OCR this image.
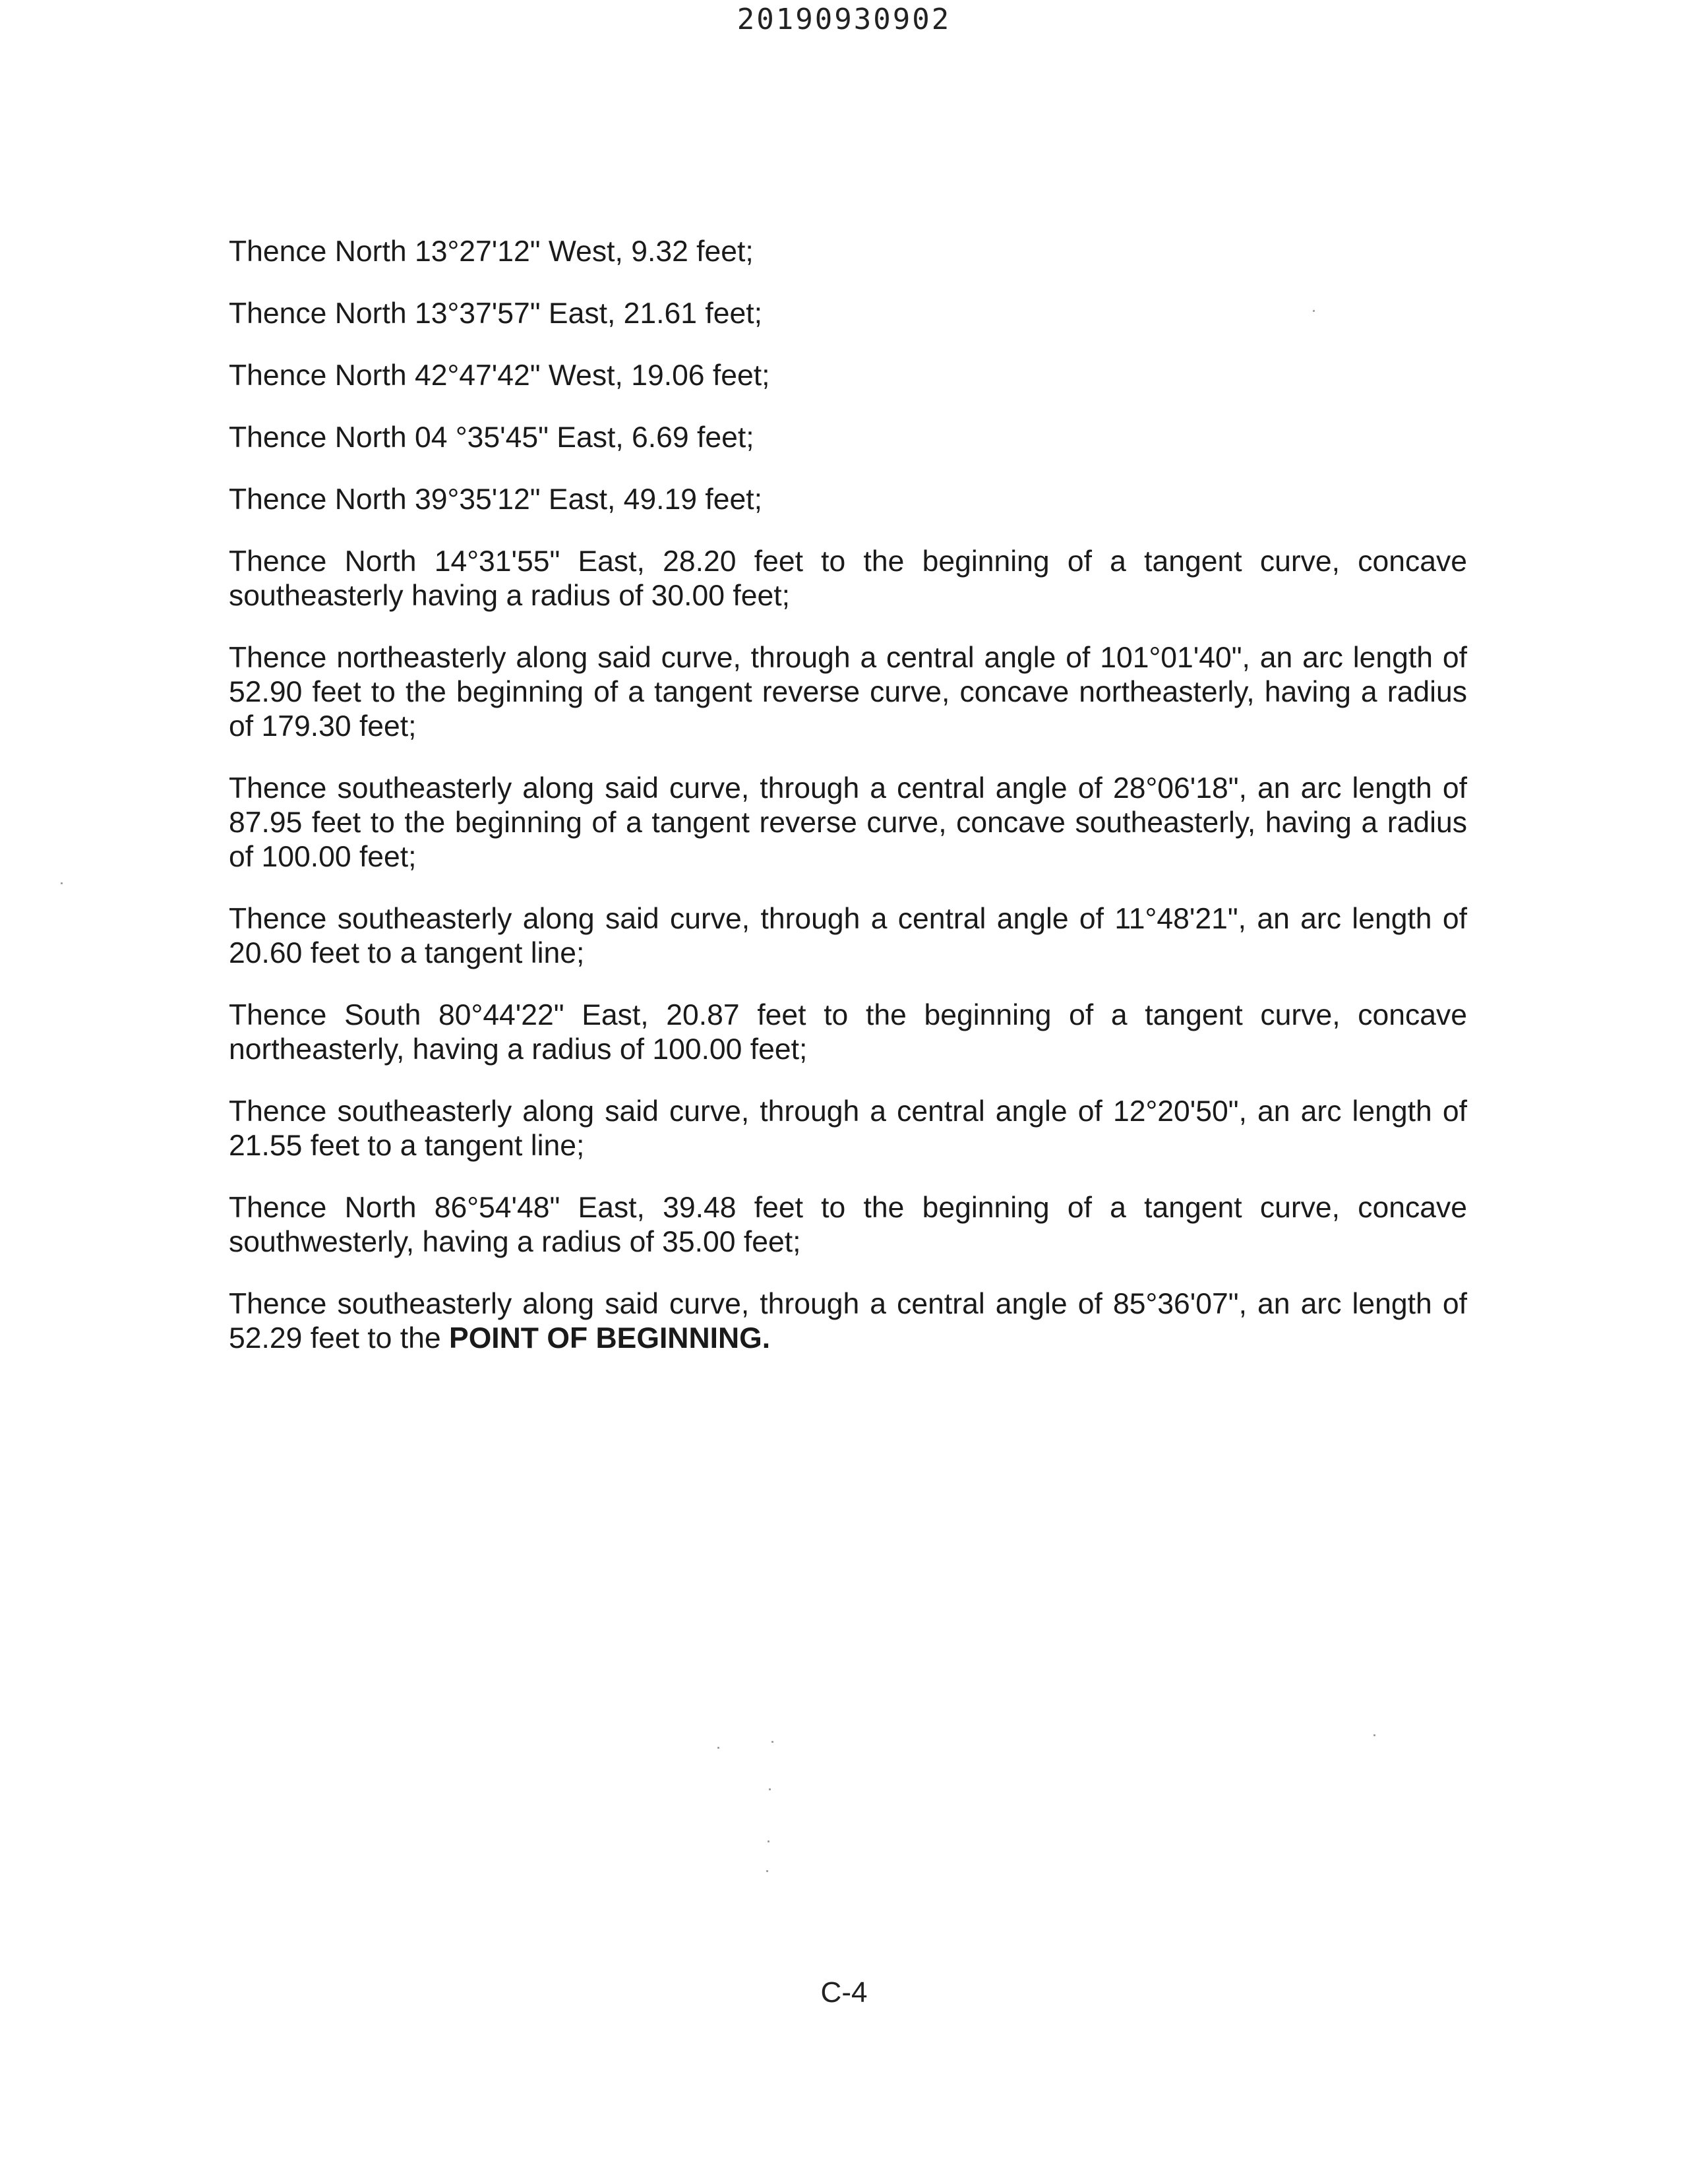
20190930902

Thence North 13°27'12" West, 9.32 feet;

Thence North 13°37'57" East, 21.61 feet;

Thence North 42°47'42" West, 19.06 feet;

Thence North 04 °35'45" East, 6.69 feet;

Thence North 39°35'12" East, 49.19 feet;

Thence North 14°31'55" East, 28.20 feet to the beginning of a tangent curve, concave southeasterly having a radius of 30.00 feet;

Thence northeasterly along said curve, through a central angle of 101°01'40", an arc length of 52.90 feet to the beginning of a tangent reverse curve, concave northeasterly, having a radius of 179.30 feet;

Thence southeasterly along said curve, through a central angle of 28°06'18", an arc length of 87.95 feet to the beginning of a tangent reverse curve, concave southeasterly, having a radius of 100.00 feet;

Thence southeasterly along said curve, through a central angle of 11°48'21", an arc length of 20.60 feet to a tangent line;

Thence South 80°44'22" East, 20.87 feet to the beginning of a tangent curve, concave northeasterly, having a radius of 100.00 feet;

Thence southeasterly along said curve, through a central angle of 12°20'50", an arc length of 21.55 feet to a tangent line;

Thence North 86°54'48" East, 39.48 feet to the beginning of a tangent curve, concave southwesterly, having a radius of 35.00 feet;

Thence southeasterly along said curve, through a central angle of 85°36'07", an arc length of 52.29 feet to the POINT OF BEGINNING.

C-4
